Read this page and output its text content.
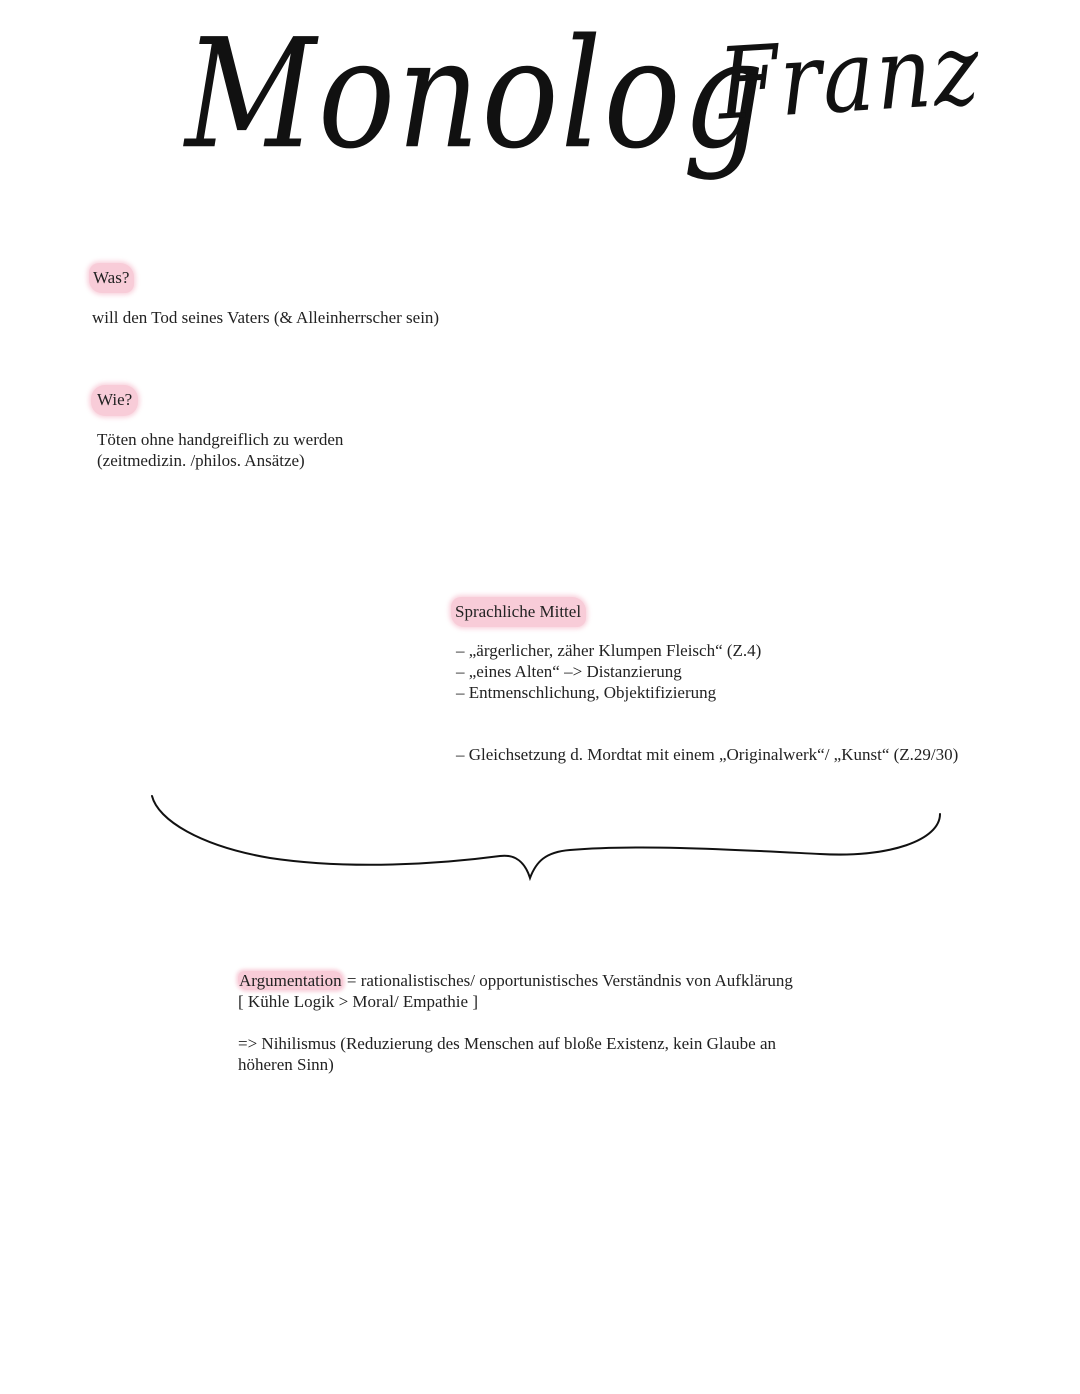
Monolog
Franz
Was?
will den Tod seines Vaters (& Alleinherrscher sein)
Wie?
Töten ohne handgreiflich zu werden
(zeitmedizin. /philos. Ansätze)
Sprachliche Mittel
– „ärgerlicher, zäher Klumpen Fleisch“ (Z.4)
– „eines Alten“ –> Distanzierung
– Entmenschlichung, Objektifizierung
– Gleichsetzung d. Mordtat mit einem „Originalwerk“/ „Kunst“ (Z.29/30)
Argumentation = rationalistisches/ opportunistisches Verständnis von Aufklärung
[ Kühle Logik > Moral/ Empathie ]
=> Nihilismus (Reduzierung des Menschen auf bloße Existenz, kein Glaube an
höheren Sinn)
